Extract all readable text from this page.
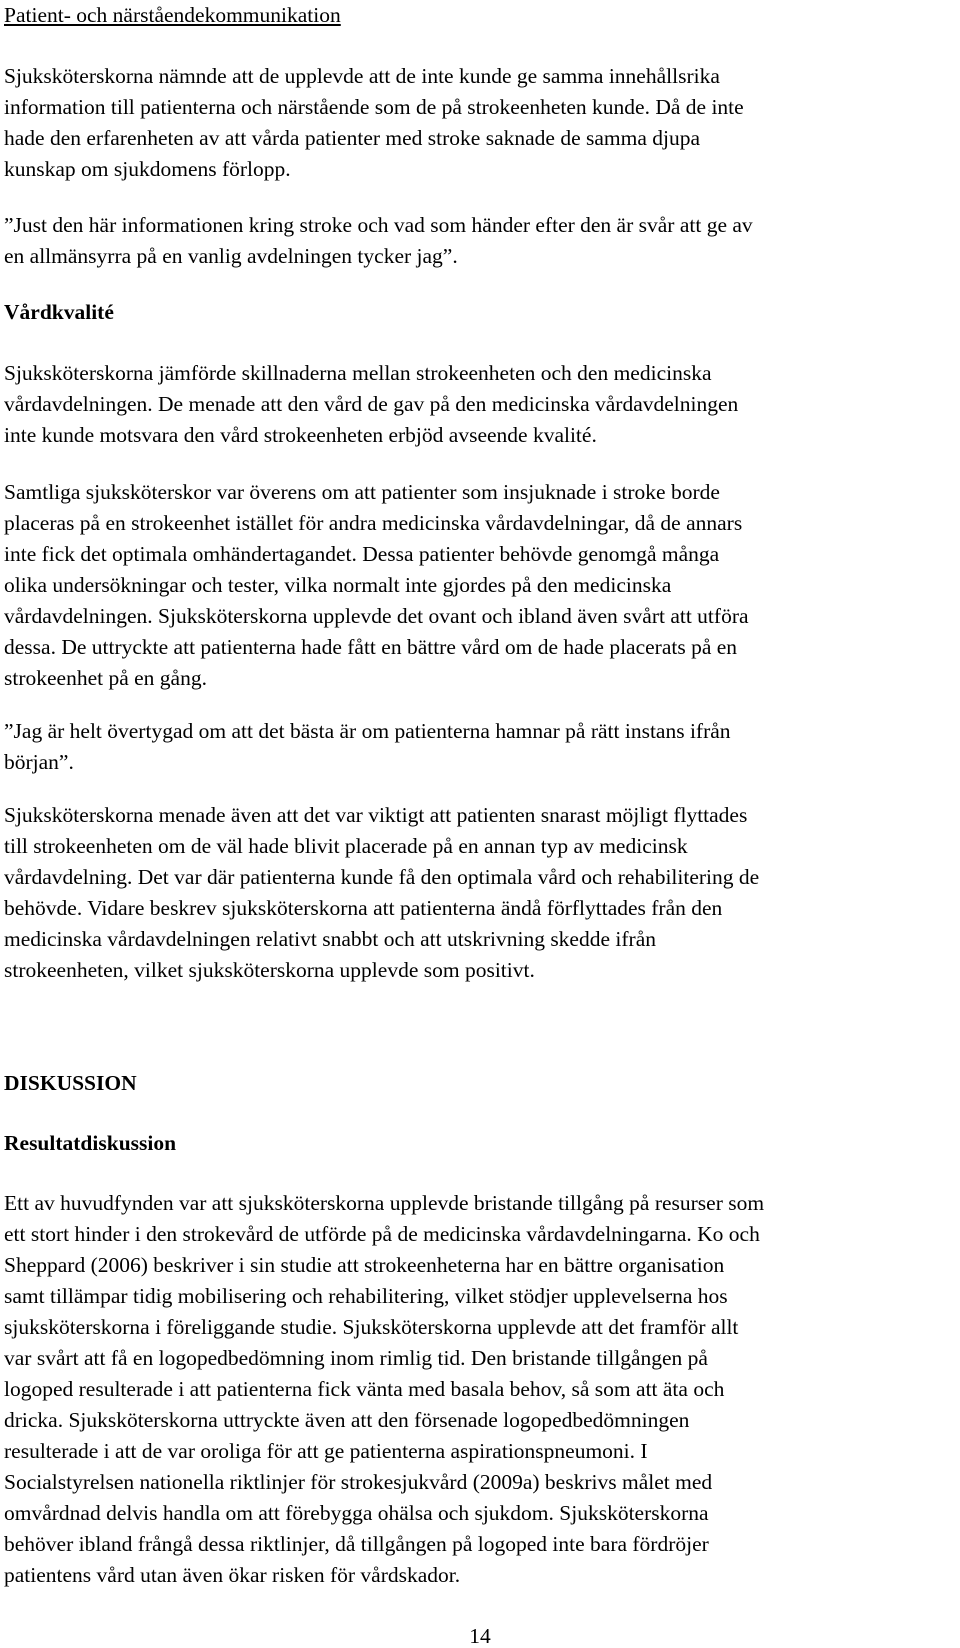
Patient- och närståendekommunikation

Sjuksköterskorna nämnde att de upplevde att de inte kunde ge samma innehållsrika
information till patienterna och närstående som de på strokeenheten kunde. Då de inte
hade den erfarenheten av att vårda patienter med stroke saknade de samma djupa
kunskap om sjukdomens förlopp.

”Just den här informationen kring stroke och vad som händer efter den är svår att ge av
en allmänsyrra på en vanlig avdelningen tycker jag”.

Vårdkvalité

Sjuksköterskorna jämförde skillnaderna mellan strokeenheten och den medicinska
vårdavdelningen. De menade att den vård de gav på den medicinska vårdavdelningen
inte kunde motsvara den vård strokeenheten erbjöd avseende kvalité.

Samtliga sjuksköterskor var överens om att patienter som insjuknade i stroke borde
placeras på en strokeenhet istället för andra medicinska vårdavdelningar, då de annars
inte fick det optimala omhändertagandet. Dessa patienter behövde genomgå många
olika undersökningar och tester, vilka normalt inte gjordes på den medicinska
vårdavdelningen. Sjuksköterskorna upplevde det ovant och ibland även svårt att utföra
dessa. De uttryckte att patienterna hade fått en bättre vård om de hade placerats på en
strokeenhet på en gång.

”Jag är helt övertygad om att det bästa är om patienterna hamnar på rätt instans ifrån
början”.

Sjuksköterskorna menade även att det var viktigt att patienten snarast möjligt flyttades
till strokeenheten om de väl hade blivit placerade på en annan typ av medicinsk
vårdavdelning. Det var där patienterna kunde få den optimala vård och rehabilitering de
behövde. Vidare beskrev sjuksköterskorna att patienterna ändå förflyttades från den
medicinska vårdavdelningen relativt snabbt och att utskrivning skedde ifrån
strokeenheten, vilket sjuksköterskorna upplevde som positivt.

DISKUSSION
Resultatdiskussion

Ett av huvudfynden var att sjuksköterskorna upplevde bristande tillgång på resurser som
ett stort hinder i den strokevård de utförde på de medicinska vårdavdelningarna. Ko och
Sheppard (2006) beskriver i sin studie att strokeenheterna har en bättre organisation
samt tillämpar tidig mobilisering och rehabilitering, vilket stödjer upplevelserna hos
sjuksköterskorna i föreliggande studie. Sjuksköterskorna upplevde att det framför allt
var svårt att få en logopedbedömning inom rimlig tid. Den bristande tillgången på
logoped resulterade i att patienterna fick vänta med basala behov, så som att äta och
dricka. Sjuksköterskorna uttryckte även att den försenade logopedbedömningen
resulterade i att de var oroliga för att ge patienterna aspirationspneumoni. I
Socialstyrelsen nationella riktlinjer för strokesjukvård (2009a) beskrivs målet med
omvårdnad delvis handla om att förebygga ohälsa och sjukdom. Sjuksköterskorna
behöver ibland frångå dessa riktlinjer, då tillgången på logoped inte bara fördröjer
patientens vård utan även ökar risken för vårdskador.

14
